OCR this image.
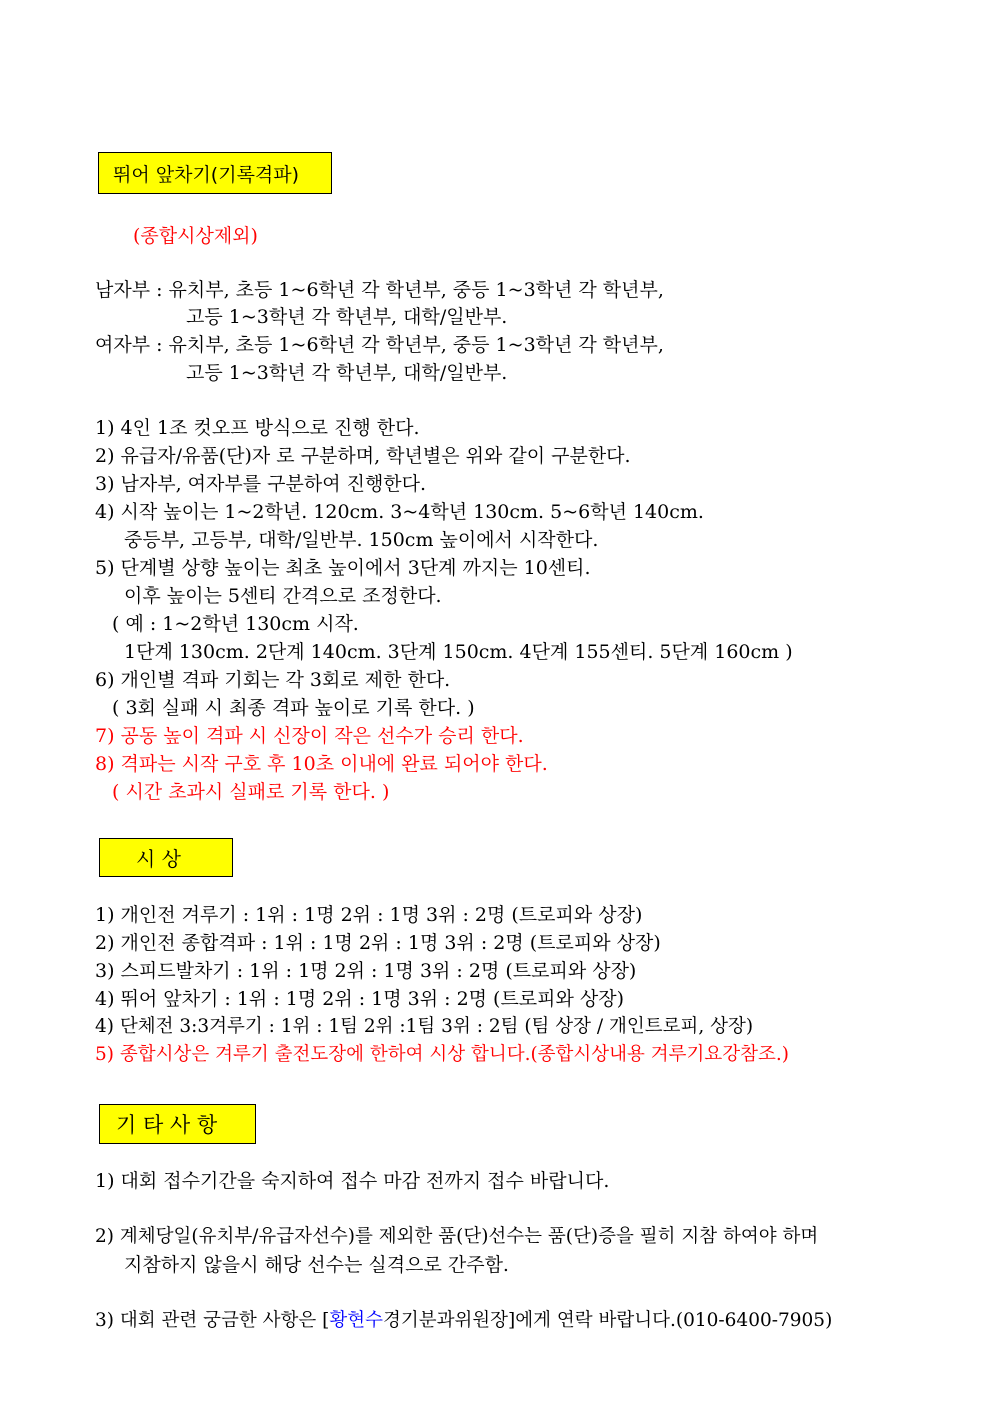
뛰어 앞차기(기록격파)
(종합시상제외)
남자부 : 유치부, 초등 1~6학년 각 학년부, 중등 1~3학년 각 학년부,
고등 1~3학년 각 학년부, 대학/일반부.
여자부 : 유치부, 초등 1~6학년 각 학년부, 중등 1~3학년 각 학년부,
고등 1~3학년 각 학년부, 대학/일반부.
1) 4인 1조 컷오프 방식으로 진행 한다.
2) 유급자/유품(단)자 로 구분하며, 학년별은 위와 같이 구분한다.
3) 남자부, 여자부를 구분하여 진행한다.
4) 시작 높이는 1~2학년. 120cm. 3~4학년 130cm. 5~6학년 140cm.
중등부, 고등부, 대학/일반부. 150cm 높이에서 시작한다.
5) 단계별 상향 높이는 최초 높이에서 3단계 까지는 10센티.
이후 높이는 5센티 간격으로 조정한다.
( 예 : 1~2학년 130cm 시작.
1단계 130cm. 2단계 140cm. 3단계 150cm. 4단계 155센티. 5단계 160cm )
6) 개인별 격파 기회는 각 3회로 제한 한다.
( 3회 실패 시 최종 격파 높이로 기록 한다. )
7) 공동 높이 격파 시 신장이 작은 선수가 승리 한다.
8) 격파는 시작 구호 후 10초 이내에 완료 되어야 한다.
( 시간 초과시 실패로 기록 한다. )
시 상
1) 개인전 겨루기 : 1위 : 1명 2위 : 1명 3위 : 2명 (트로피와 상장)
2) 개인전 종합격파 : 1위 : 1명 2위 : 1명 3위 : 2명 (트로피와 상장)
3) 스피드발차기 : 1위 : 1명 2위 : 1명 3위 : 2명 (트로피와 상장)
4) 뛰어 앞차기 : 1위 : 1명 2위 : 1명 3위 : 2명 (트로피와 상장)
4) 단체전 3:3겨루기 : 1위 : 1팀 2위 :1팀 3위 : 2팀 (팀 상장 / 개인트로피, 상장)
5) 종합시상은 겨루기 출전도장에 한하여 시상 합니다.(종합시상내용 겨루기요강참조.)
기 타 사 항
1) 대회 접수기간을 숙지하여 접수 마감 전까지 접수 바랍니다.
2) 계체당일(유치부/유급자선수)를 제외한 품(단)선수는 품(단)증을 필히 지참 하여야 하며
지참하지 않을시 해당 선수는 실격으로 간주함.
3) 대회 관련 궁금한 사항은 [황현수경기분과위원장]에게 연락 바랍니다.(010-6400-7905)
